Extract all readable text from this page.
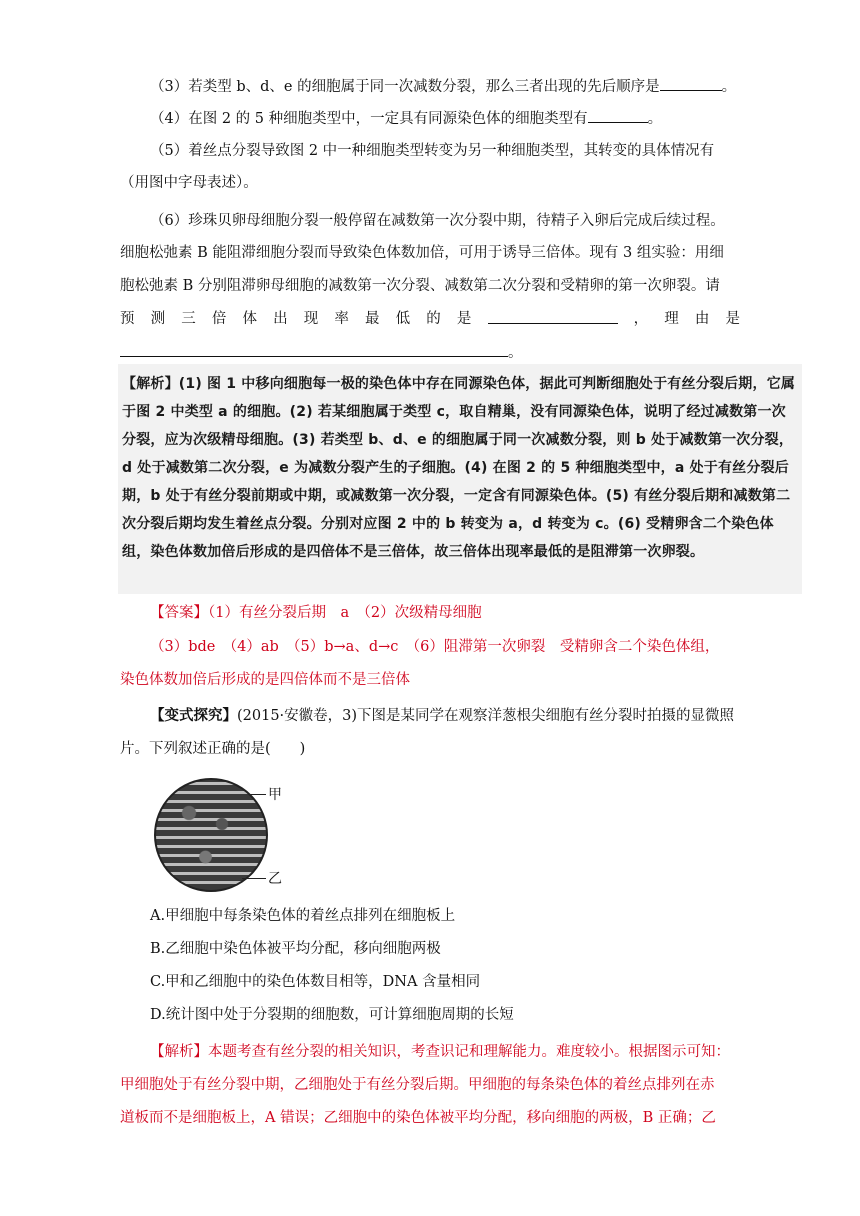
（3）若类型 b、d、e 的细胞属于同一次减数分裂，那么三者出现的先后顺序是	。
（4）在图 2 的 5 种细胞类型中，一定具有同源染色体的细胞类型有	。
（5）着丝点分裂导致图 2 中一种细胞类型转变为另一种细胞类型，其转变的具体情况有
（用图中字母表述）。
（6）珍珠贝卵母细胞分裂一般停留在减数第一次分裂中期，待精子入卵后完成后续过程。
细胞松弛素 B 能阻滞细胞分裂而导致染色体数加倍，可用于诱导三倍体。现有 3 组实验：用细
胞松弛素 B 分别阻滞卵母细胞的减数第一次分裂、减数第二次分裂和受精卵的第一次卵裂。请
预 测 三 倍 体 出 现 率 最 低 的 是	， 理 由 是
。
【解析】(1) 图 1 中移向细胞每一极的染色体中存在同源染色体，据此可判断细胞处于有丝分裂后期，它属于图 2 中类型 a 的细胞。(2) 若某细胞属于类型 c，取自精巢，没有同源染色体，说明了经过减数第一次分裂，应为次级精母细胞。(3) 若类型 b、d、e 的细胞属于同一次减数分裂，则 b 处于减数第一次分裂，d 处于减数第二次分裂，e 为减数分裂产生的子细胞。(4) 在图 2 的 5 种细胞类型中，a 处于有丝分裂后期，b 处于有丝分裂前期或中期，或减数第一次分裂，一定含有同源染色体。(5) 有丝分裂后期和减数第二次分裂后期均发生着丝点分裂。分别对应图 2 中的 b 转变为 a，d 转变为 c。(6) 受精卵含二个染色体组，染色体数加倍后形成的是四倍体不是三倍体，故三倍体出现率最低的是阻滞第一次卵裂。
【答案】（1）有丝分裂后期　a　（2）次级精母细胞
（3）bde　（4）ab　（5）b→a、d→c　（6）阻滞第一次卵裂　受精卵含二个染色体组，
染色体数加倍后形成的是四倍体而不是三倍体
【变式探究】(2015·安徽卷，3)下图是某同学在观察洋葱根尖细胞有丝分裂时拍摄的显微照
片。下列叙述正确的是(　　)
甲
乙
A.甲细胞中每条染色体的着丝点排列在细胞板上
B.乙细胞中染色体被平均分配，移向细胞两极
C.甲和乙细胞中的染色体数目相等，DNA 含量相同
D.统计图中处于分裂期的细胞数，可计算细胞周期的长短
【解析】本题考查有丝分裂的相关知识，考查识记和理解能力。难度较小。根据图示可知：
甲细胞处于有丝分裂中期，乙细胞处于有丝分裂后期。甲细胞的每条染色体的着丝点排列在赤
道板而不是细胞板上，A 错误；乙细胞中的染色体被平均分配，移向细胞的两极，B 正确；乙
